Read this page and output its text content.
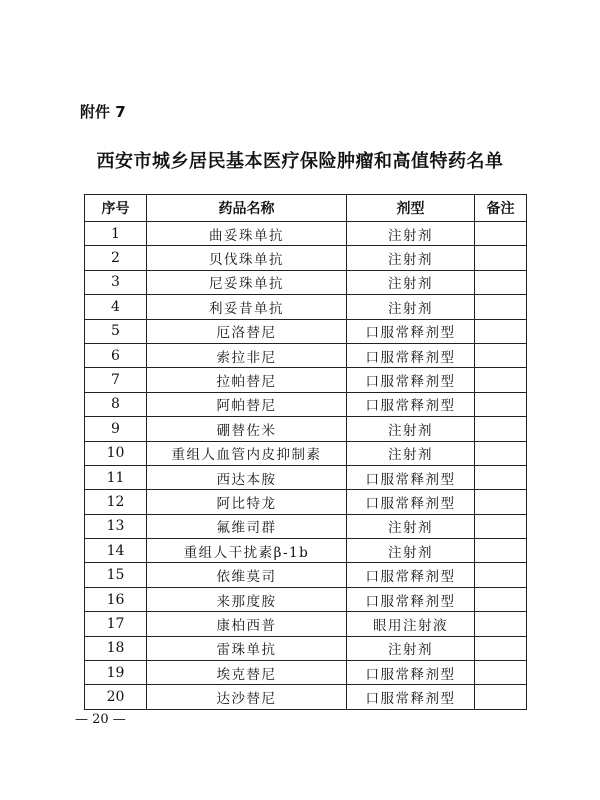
附件 7
西安市城乡居民基本医疗保险肿瘤和高值特药名单
序号	药品名称	剂型	备注
1	曲妥珠单抗	注射剂	
2	贝伐珠单抗	注射剂	
3	尼妥珠单抗	注射剂	
4	利妥昔单抗	注射剂	
5	厄洛替尼	口服常释剂型	
6	索拉非尼	口服常释剂型	
7	拉帕替尼	口服常释剂型	
8	阿帕替尼	口服常释剂型	
9	硼替佐米	注射剂	
10	重组人血管内皮抑制素	注射剂	
11	西达本胺	口服常释剂型	
12	阿比特龙	口服常释剂型	
13	氟维司群	注射剂	
14	重组人干扰素β-1b	注射剂	
15	依维莫司	口服常释剂型	
16	来那度胺	口服常释剂型	
17	康柏西普	眼用注射液	
18	雷珠单抗	注射剂	
19	埃克替尼	口服常释剂型	
20	达沙替尼	口服常释剂型	
— 20 —
